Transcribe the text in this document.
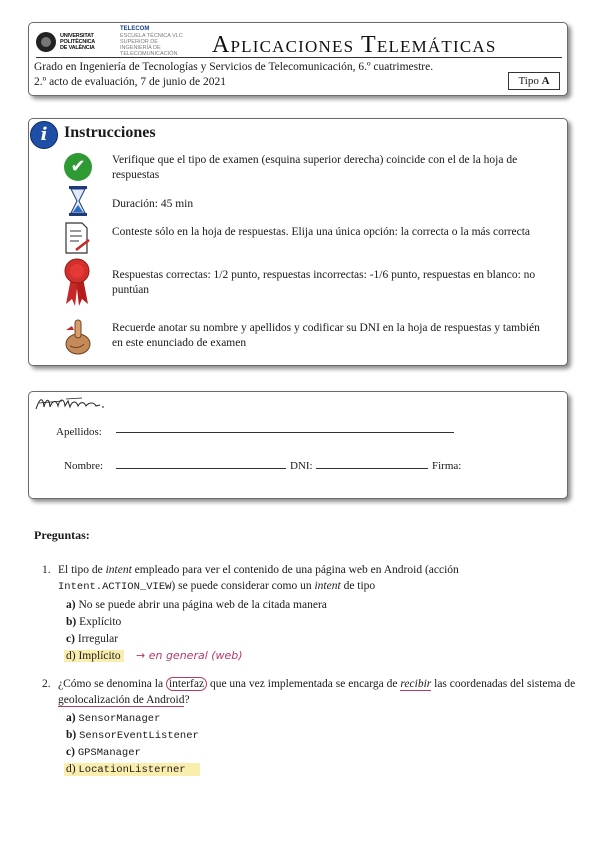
UNIVERSITAT
POLITÈCNICA
DE VALÈNCIA
TELECOM
ESCUELA TÉCNICA VLC SUPERIOR DE INGENIERÍA DE TELECOMUNICACIÓN	Aplicaciones Telemáticas
Grado en Ingeniería de Tecnologías y Servicios de Telecomunicación, 6.º cuatrimestre.
2.º acto de evaluación, 7 de junio de 2021	Tipo A
i	Instrucciones
✔	Verifique que el tipo de examen (esquina superior derecha) coincide con el de la hoja de respuestas
Duración: 45 min
Conteste sólo en la hoja de respuestas. Elija una única opción: la correcta o la más correcta
Respuestas correctas: 1/2 punto, respuestas incorrectas: -1/6 punto, respuestas en blanco: no puntúan
Recuerde anotar su nombre y apellidos y codificar su DNI en la hoja de respuestas y también en este enunciado de examen
Apellidos:
Nombre:	DNI:	Firma:
Preguntas:
1. El tipo de intent empleado para ver el contenido de una página web en Android (acción Intent.ACTION_VIEW) se puede considerar como un intent de tipo
a) No se puede abrir una página web de la citada manera
b) Explícito
c) Irregular
d) Implícito → en general (web)
2. ¿Cómo se denomina la interfaz que una vez implementada se encarga de recibir las coordenadas del sistema de geolocalización de Android?
a) SensorManager
b) SensorEventListener
c) GPSManager
d) LocationListerner
